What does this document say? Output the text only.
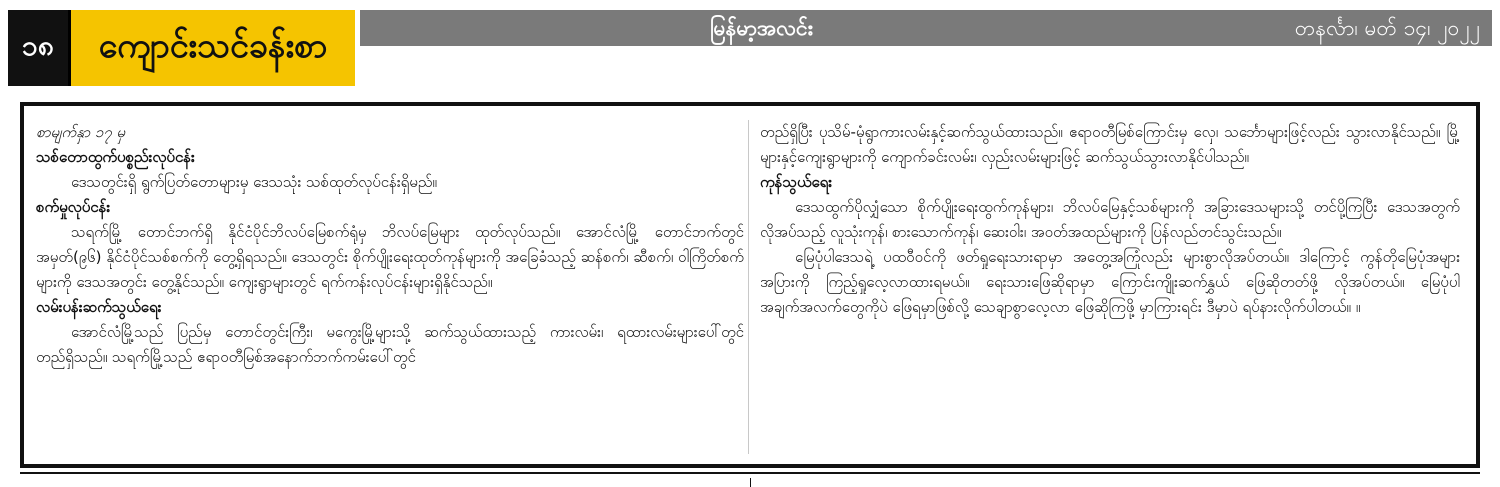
၁၈	ကျောင်းသင်ခန်းစာ	မြန်မာ့အလင်း	တနင်္လာ၊ မတ် ၁၄၊ ၂၀၂၂
စာမျက်နှာ ၁၇ မှ
သစ်တောထွက်ပစ္စည်းလုပ်ငန်း
ဒေသတွင်းရှိ ရွက်ပြတ်တောများမှ ဒေသသုံး သစ်ထုတ်လုပ်ငန်းရှိမည်။
စက်မှုလုပ်ငန်း
သရက်မြို့ တောင်ဘက်ရှိ နိုင်ငံပိုင်ဘိလပ်မြေစက်ရုံမှ ဘိလပ်မြေများ ထုတ်လုပ်သည်။ အောင်လံမြို့ တောင်ဘက်တွင် အမှတ်(၉၆) နိုင်ငံပိုင်သစ်စက်ကို တွေ့ရှိရသည်။ ဒေသတွင်း စိုက်ပျိုးရေးထုတ်ကုန်များကို အခြေခံသည့် ဆန်စက်၊ ဆီစက်၊ ဝါကြိတ်စက်များကို ဒေသအတွင်း တွေ့နိုင်သည်။ ကျေးရွာများတွင် ရက်ကန်းလုပ်ငန်းများရှိနိုင်သည်။
လမ်းပန်းဆက်သွယ်ရေး
အောင်လံမြို့သည် ပြည်မှ တောင်တွင်းကြီး၊ မကွေးမြို့များသို့ ဆက်သွယ်ထားသည့် ကားလမ်း၊ ရထားလမ်းများပေါ်တွင် တည်ရှိသည်။ သရက်မြို့သည် ဧရာဝတီမြစ်အနောက်ဘက်ကမ်းပေါ်တွင်
တည်ရှိပြီး ပုသိမ်-မုံရွာကားလမ်းနှင့်ဆက်သွယ်ထားသည်။ ဧရာဝတီမြစ်ကြောင်းမှ လှေ၊ သင်္ဘောများဖြင့်လည်း သွားလာနိုင်သည်။ မြို့များနှင့်ကျေးရွာများကို ကျောက်ခင်းလမ်း၊ လှည်းလမ်းများဖြင့် ဆက်သွယ်သွားလာနိုင်ပါသည်။
ကုန်သွယ်ရေး
ဒေသထွက်ပိုလျှံသော စိုက်ပျိုးရေးထွက်ကုန်များ၊ ဘိလပ်မြေနှင့်သစ်များကို အခြားဒေသများသို့ တင်ပို့ကြပြီး ဒေသအတွက်လိုအပ်သည့် လူသုံးကုန်၊ စားသောက်ကုန်၊ ဆေးဝါး၊ အဝတ်အထည်များကို ပြန်လည်တင်သွင်းသည်။
မြေပုံပါဒေသရဲ့ ပထဝီဝင်ကို ဖတ်ရှုရေးသားရာမှာ အတွေ့အကြုံလည်း များစွာလိုအပ်တယ်။ ဒါကြောင့် ကွန်တိုမြေပုံအများအပြားကို ကြည့်ရှုလေ့လာထားရမယ်။ ရေးသားဖြေဆိုရာမှာ ကြောင်းကျိုးဆက်နွှယ် ဖြေဆိုတတ်ဖို့ လိုအပ်တယ်။ မြေပုံပါအချက်အလက်တွေကိုပဲ ဖြေရမှာဖြစ်လို့ သေချာစွာလေ့လာ ဖြေဆိုကြဖို့ မှာကြားရင်း ဒီမှာပဲ ရပ်နားလိုက်ပါတယ်။ ။
